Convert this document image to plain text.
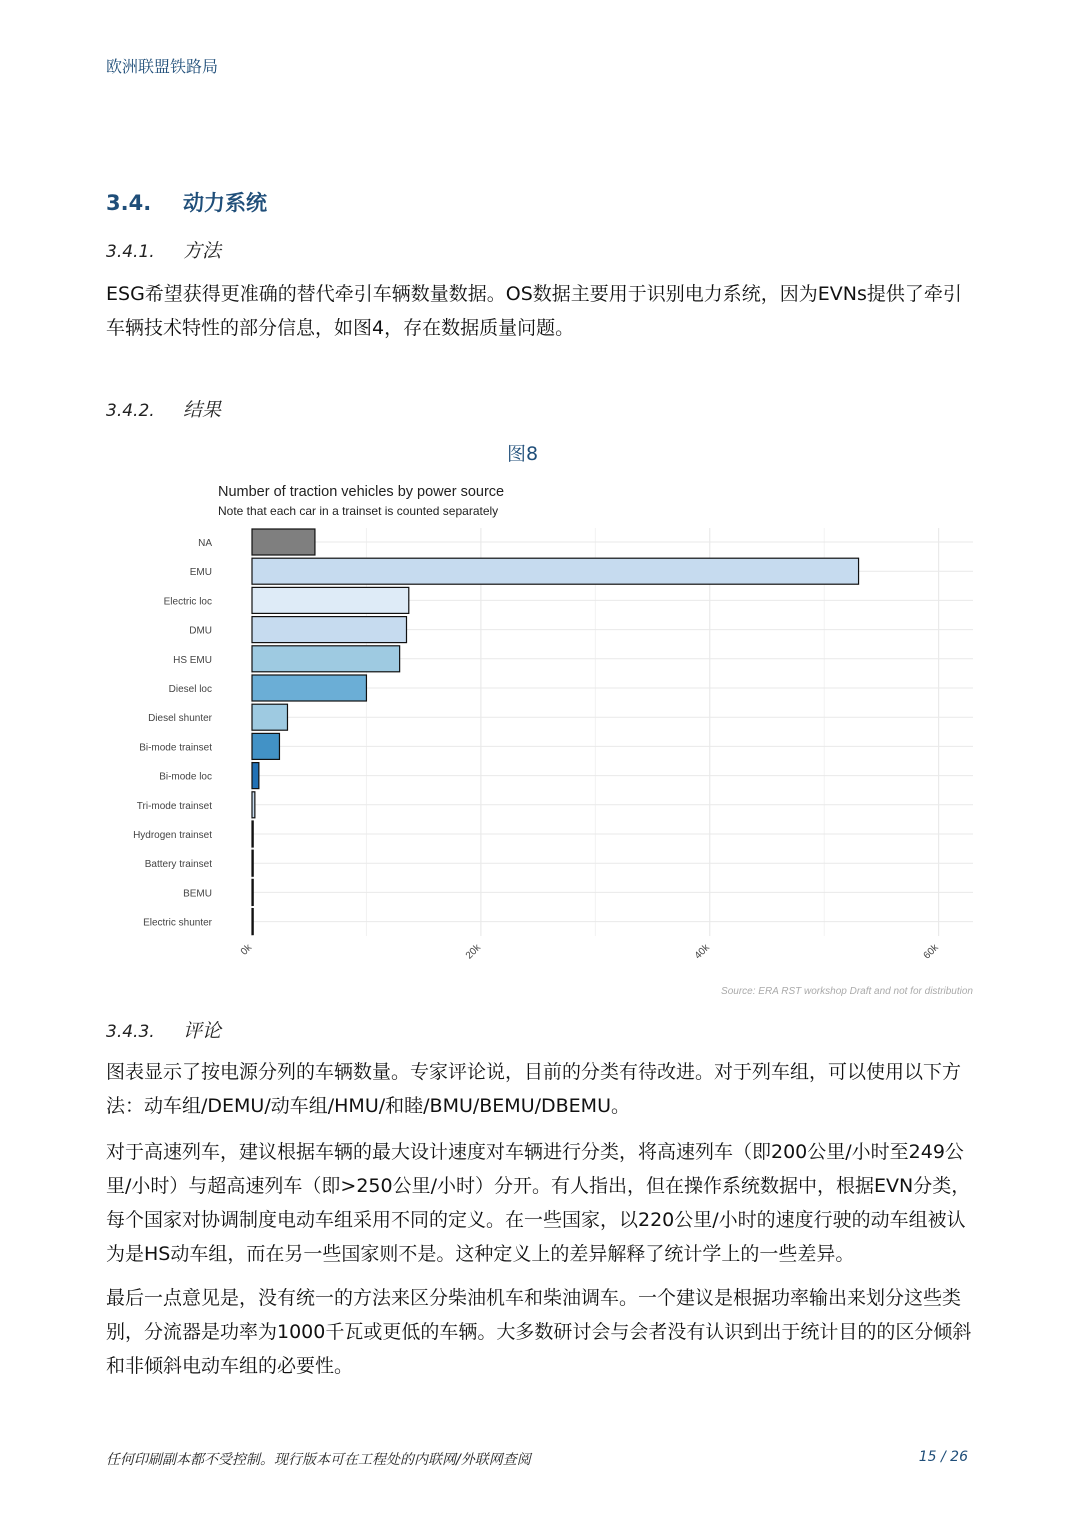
欧洲联盟铁路局
3.4. 动力系统
3.4.1. 方法
ESG希望获得更准确的替代牵引车辆数量数据。OS数据主要用于识别电力系统，因为EVNs提供了牵引车辆技术特性的部分信息，如图4，存在数据质量问题。
3.4.2. 结果
图8
Number of traction vehicles by power source
Note that each car in a trainset is counted separately
NA
EMU
Electric loc
DMU
HS EMU
Diesel loc
Diesel shunter
Bi-mode trainset
Bi-mode loc
Tri-mode trainset
Hydrogen trainset
Battery trainset
BEMU
Electric shunter
0k	20k	40k	60k
Source: ERA RST workshop Draft and not for distribution
3.4.3. 评论
图表显示了按电源分列的车辆数量。专家评论说，目前的分类有待改进。对于列车组，可以使用以下方法：动车组/DEMU/动车组/HMU/和睦/BMU/BEMU/DBEMU。
对于高速列车，建议根据车辆的最大设计速度对车辆进行分类，将高速列车（即200公里/小时至249公里/小时）与超高速列车（即>250公里/小时）分开。有人指出，但在操作系统数据中，根据EVN分类，每个国家对协调制度电动车组采用不同的定义。在一些国家，以220公里/小时的速度行驶的动车组被认为是HS动车组，而在另一些国家则不是。这种定义上的差异解释了统计学上的一些差异。
最后一点意见是，没有统一的方法来区分柴油机车和柴油调车。一个建议是根据功率输出来划分这些类别，分流器是功率为1000千瓦或更低的车辆。大多数研讨会与会者没有认识到出于统计目的的区分倾斜和非倾斜电动车组的必要性。
任何印刷副本都不受控制。现行版本可在工程处的内联网/外联网查阅	15 / 26
